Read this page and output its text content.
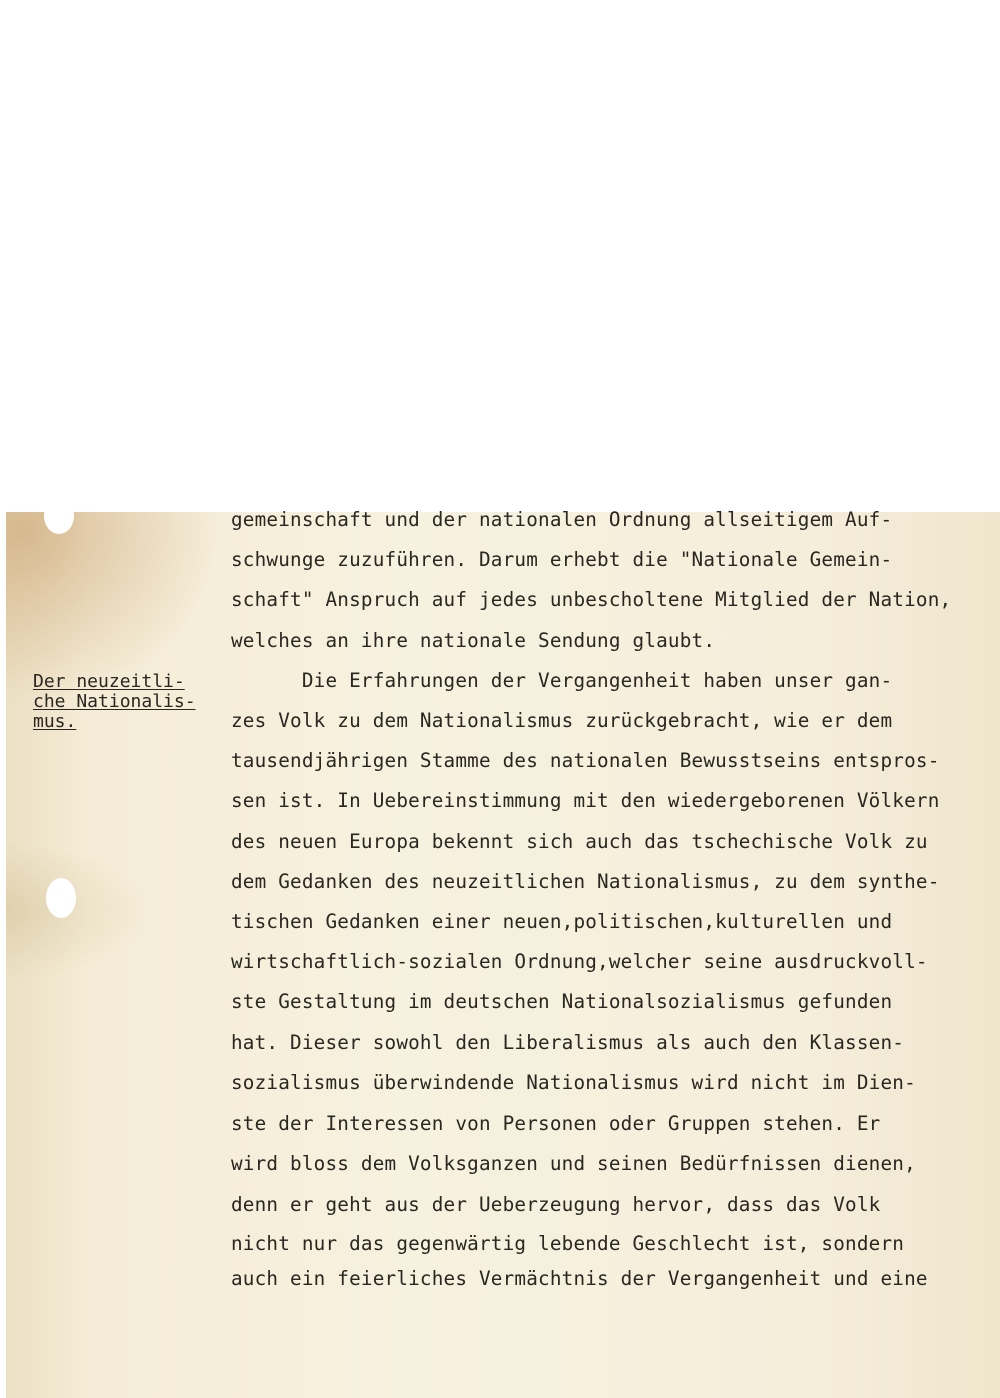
Der neuzeitli-
che Nationalis-
mus.
gemeinschaft und der nationalen Ordnung allseitigem Auf-
schwunge zuzuführen. Darum erhebt die "Nationale Gemein-
schaft" Anspruch auf jedes unbescholtene Mitglied der Nation,
welches an ihre nationale Sendung glaubt.
Die Erfahrungen der Vergangenheit haben unser gan-
zes Volk zu dem Nationalismus zurückgebracht, wie er dem
tausendjährigen Stamme des nationalen Bewusstseins entspros-
sen ist. In Uebereinstimmung mit den wiedergeborenen Völkern
des neuen Europa bekennt sich auch das tschechische Volk zu
dem Gedanken des neuzeitlichen Nationalismus, zu dem synthe-
tischen Gedanken einer neuen,politischen,kulturellen und
wirtschaftlich-sozialen Ordnung,welcher seine ausdruckvoll-
ste Gestaltung im deutschen Nationalsozialismus gefunden
hat. Dieser sowohl den Liberalismus als auch den Klassen-
sozialismus überwindende Nationalismus wird nicht im Dien-
ste der Interessen von Personen oder Gruppen stehen. Er
wird bloss dem Volksganzen und seinen Bedürfnissen dienen,
denn er geht aus der Ueberzeugung hervor, dass das Volk
nicht nur das gegenwärtig lebende Geschlecht ist, sondern
auch ein feierliches Vermächtnis der Vergangenheit und eine
